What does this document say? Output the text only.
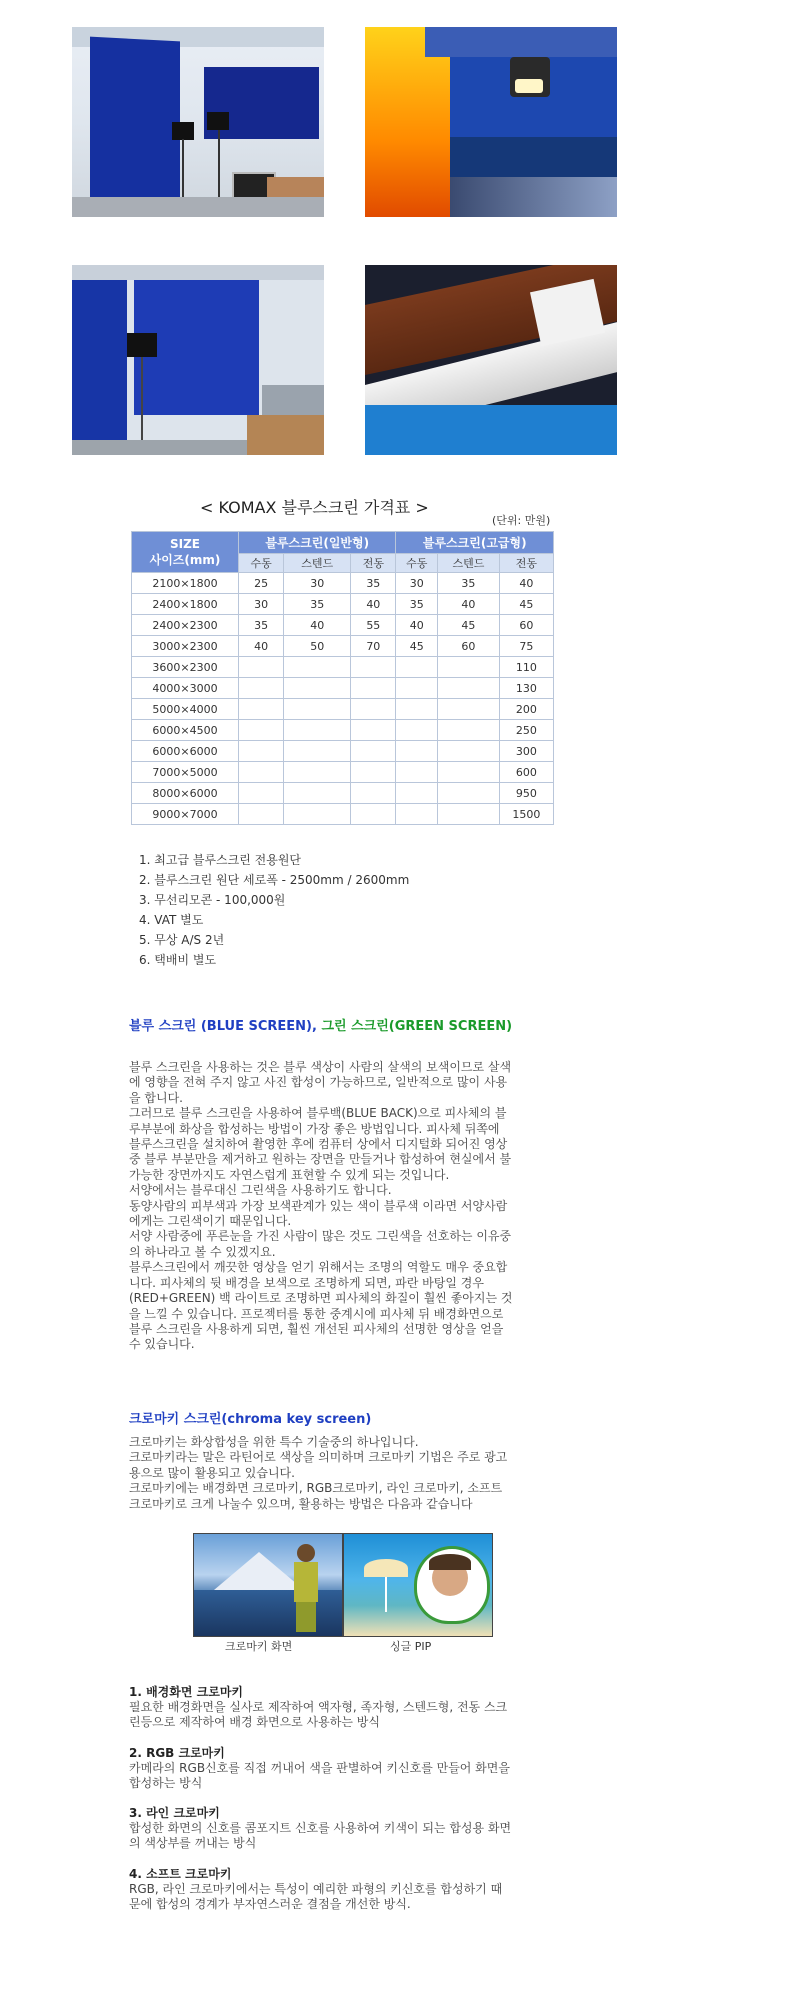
< KOMAX 블루스크린 가격표 >
(단위: 만원)
SIZE
사이즈(mm)	블루스크린(일반형)			블루스크린(고급형)		
	수동	스텐드	전동	수동	스텐드	전동
2100×1800	25	30	35	30	35	40
2400×1800	30	35	40	35	40	45
2400×2300	35	40	55	40	45	60
3000×2300	40	50	70	45	60	75
3600×2300						110
4000×3000						130
5000×4000						200
6000×4500						250
6000×6000						300
7000×5000						600
8000×6000						950
9000×7000						1500
1. 최고급 블루스크린 전용원단
2. 블루스크린 원단 세로폭 - 2500mm / 2600mm
3. 무선리모콘 - 100,000원
4. VAT 별도
5. 무상 A/S 2년
6. 택배비 별도
블루 스크린 (BLUE SCREEN), 그린 스크린(GREEN SCREEN)
블루 스크린을 사용하는 것은 블루 색상이 사람의 살색의 보색이므로 살색
에 영향을 전혀 주지 않고 사진 합성이 가능하므로, 일반적으로 많이 사용
을 합니다.
그러므로 블루 스크린을 사용하여 블루백(BLUE BACK)으로 피사체의 블
루부분에 화상을 합성하는 방법이 가장 좋은 방법입니다. 피사체 뒤쪽에
블루스크린을 설치하여 촬영한 후에 컴퓨터 상에서 디지털화 되어진 영상
중 블루 부분만을 제거하고 원하는 장면을 만들거나 합성하여 현실에서 불
가능한 장면까지도 자연스럽게 표현할 수 있게 되는 것입니다.
서양에서는 블루대신 그린색을 사용하기도 합니다.
동양사람의 피부색과 가장 보색관계가 있는 색이 블루색 이라면 서양사람
에게는 그린색이기 때문입니다.
서양 사람중에 푸른눈을 가진 사람이 많은 것도 그린색을 선호하는 이유중
의 하나라고 볼 수 있겠지요.
블루스크린에서 깨끗한 영상을 얻기 위해서는 조명의 역할도 매우 중요합
니다. 피사체의 뒷 배경을 보색으로 조명하게 되면, 파란 바탕일 경우
(RED+GREEN) 백 라이트로 조명하면 피사체의 화질이 훨씬 좋아지는 것
을 느낄 수 있습니다. 프로젝터를 통한 중계시에 피사체 뒤 배경화면으로
블루 스크린을 사용하게 되면, 훨씬 개선된 피사체의 선명한 영상을 얻을
수 있습니다.
크로마키 스크린(chroma key screen)
크로마키는 화상합성을 위한 특수 기술중의 하나입니다.
크로마키라는 말은 라틴어로 색상을 의미하며 크로마키 기법은 주로 광고
용으로 많이 활용되고 있습니다.
크로마키에는 배경화면 크로마키, RGB크로마키, 라인 크로마키, 소프트
크로마키로 크게 나눌수 있으며, 활용하는 방법은 다음과 같습니다
크로마키 화면	싱글 PIP
1. 배경화면 크로마키
필요한 배경화면을 실사로 제작하여 액자형, 족자형, 스텐드형, 전동 스크
린등으로 제작하여 배경 화면으로 사용하는 방식
2. RGB 크로마키
카메라의 RGB신호를 직접 꺼내어 색을 판별하여 키신호를 만들어 화면을
합성하는 방식
3. 라인 크로마키
합성한 화면의 신호를 콤포지트 신호를 사용하여 키색이 되는 합성용 화면
의 색상부를 꺼내는 방식
4. 소프트 크로마키
RGB, 라인 크로마키에서는 특성이 예리한 파형의 키신호를 합성하기 때
문에 합성의 경계가 부자연스러운 결점을 개선한 방식.
